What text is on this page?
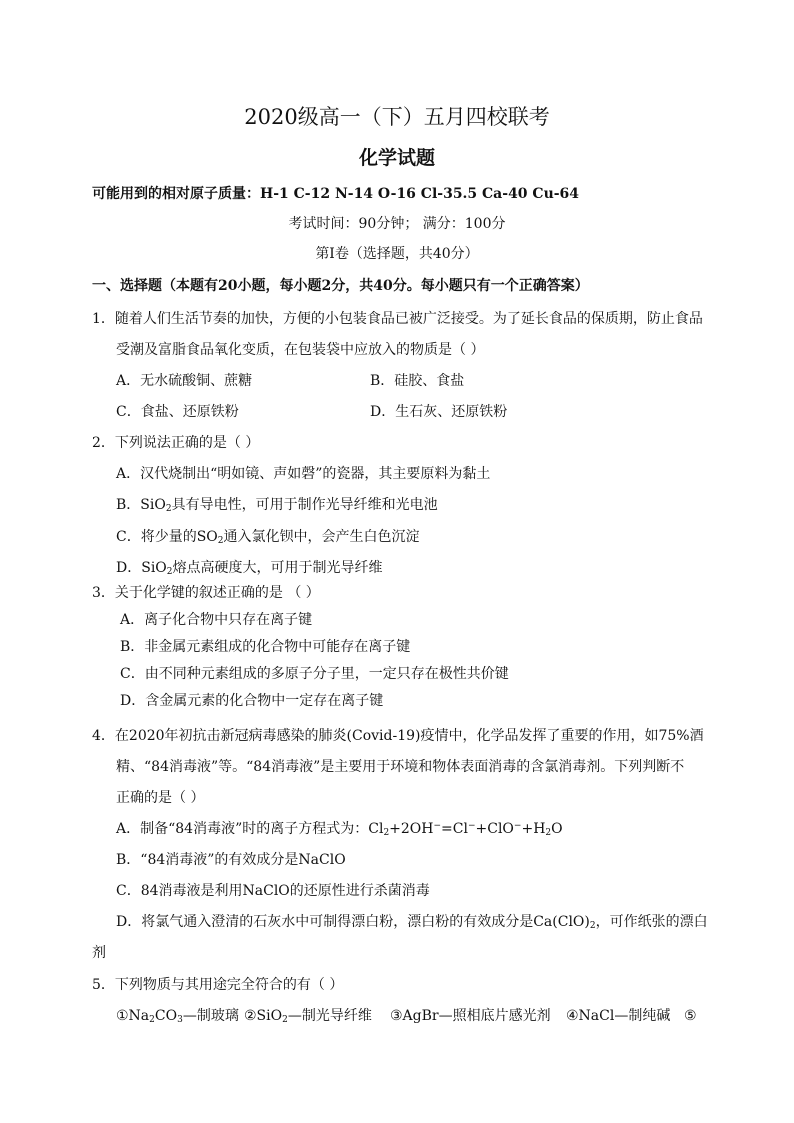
2020级高一（下）五月四校联考
化学试题
可能用到的相对原子质量：H-1 C-12 N-14 O-16 Cl-35.5 Ca-40 Cu-64
考试时间：90分钟； 满分：100分
第Ⅰ卷（选择题，共40分）
一、选择题（本题有20小题，每小题2分，共40分。每小题只有一个正确答案）
1．随着人们生活节奏的加快，方便的小包装食品已被广泛接受。为了延长食品的保质期，防止食品
受潮及富脂食品氧化变质，在包装袋中应放入的物质是（ ）
A．无水硫酸铜、蔗糖	B．硅胶、食盐
C．食盐、还原铁粉	D．生石灰、还原铁粉
2．下列说法正确的是（ ）
A．汉代烧制出“明如镜、声如磬”的瓷器，其主要原料为黏土
B．SiO$_2$具有导电性，可用于制作光导纤维和光电池
C．将少量的$SO_2$通入氯化钡中，会产生白色沉淀
D．SiO$_2$熔点高硬度大，可用于制光导纤维
3．关于化学键的叙述正确的是 （ ）
A．离子化合物中只存在离子键
B．非金属元素组成的化合物中可能存在离子键
C．由不同种元素组成的多原子分子里，一定只存在极性共价键
D．含金属元素的化合物中一定存在离子键
4．在2020年初抗击新冠病毒感染的肺炎(Covid-19)疫情中，化学品发挥了重要的作用，如75%酒
精、“84消毒液”等。“84消毒液”是主要用于环境和物体表面消毒的含氯消毒剂。下列判断不
正确的是（ ）
A．制备“84消毒液”时的离子方程式为：$Cl_2+2OH^-=Cl^-+ClO^-+H_2O$
B．“84消毒液”的有效成分是NaClO
C．84消毒液是利用NaClO的还原性进行杀菌消毒
D．将氯气通入澄清的石灰水中可制得漂白粉，漂白粉的有效成分是$Ca(ClO)_2$，可作纸张的漂白
剂
5．下列物质与其用途完全符合的有（ ）
$①Na_2CO_3—$制玻璃 ②SiO$_2$—制光导纤维 ③AgBr—照相底片感光剂 ④NaCl—制纯碱 ⑤
